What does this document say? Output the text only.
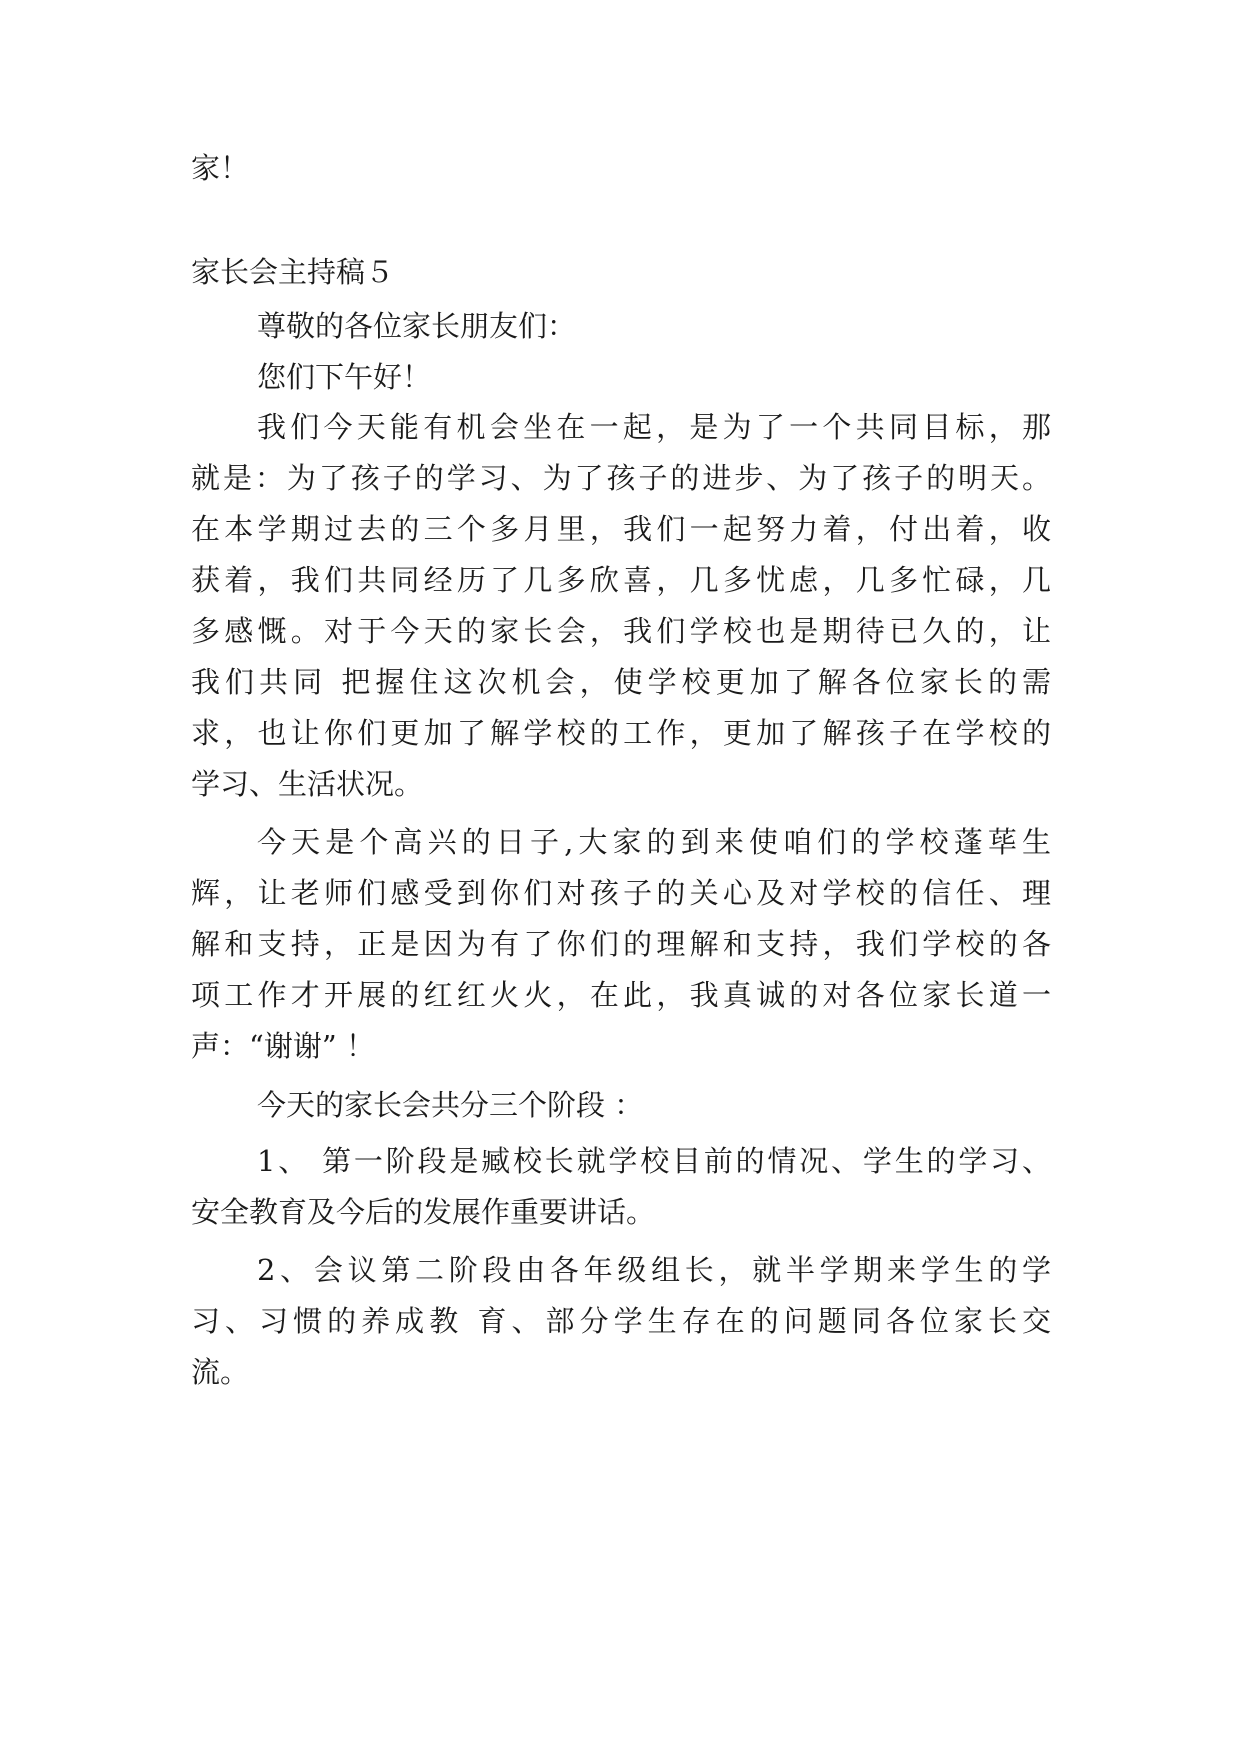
家！
家长会主持稿５
尊敬的各位家长朋友们：
您们下午好！
我们今天能有机会坐在一起，是为了一个共同目标，那
就是：为了孩子的学习、为了孩子的进步、为了孩子的明天。
在本学期过去的三个多月里，我们一起努力着，付出着，收
获着，我们共同经历了几多欣喜，几多忧虑，几多忙碌，几
多感慨。对于今天的家长会，我们学校也是期待已久的，让
我们共同 把握住这次机会，使学校更加了解各位家长的需
求，也让你们更加了解学校的工作，更加了解孩子在学校的
学习、生活状况。
今天是个高兴的日子,大家的到来使咱们的学校蓬荜生
辉，让老师们感受到你们对孩子的关心及对学校的信任、理
解和支持，正是因为有了你们的理解和支持，我们学校的各
项工作才开展的红红火火，在此，我真诚的对各位家长道一
声：“谢谢” ！
今天的家长会共分三个阶段 ：
1、 第一阶段是臧校长就学校目前的情况、学生的学习、
安全教育及今后的发展作重要讲话。
2、会议第二阶段由各年级组长，就半学期来学生的学
习、习惯的养成教 育、部分学生存在的问题同各位家长交
流。
